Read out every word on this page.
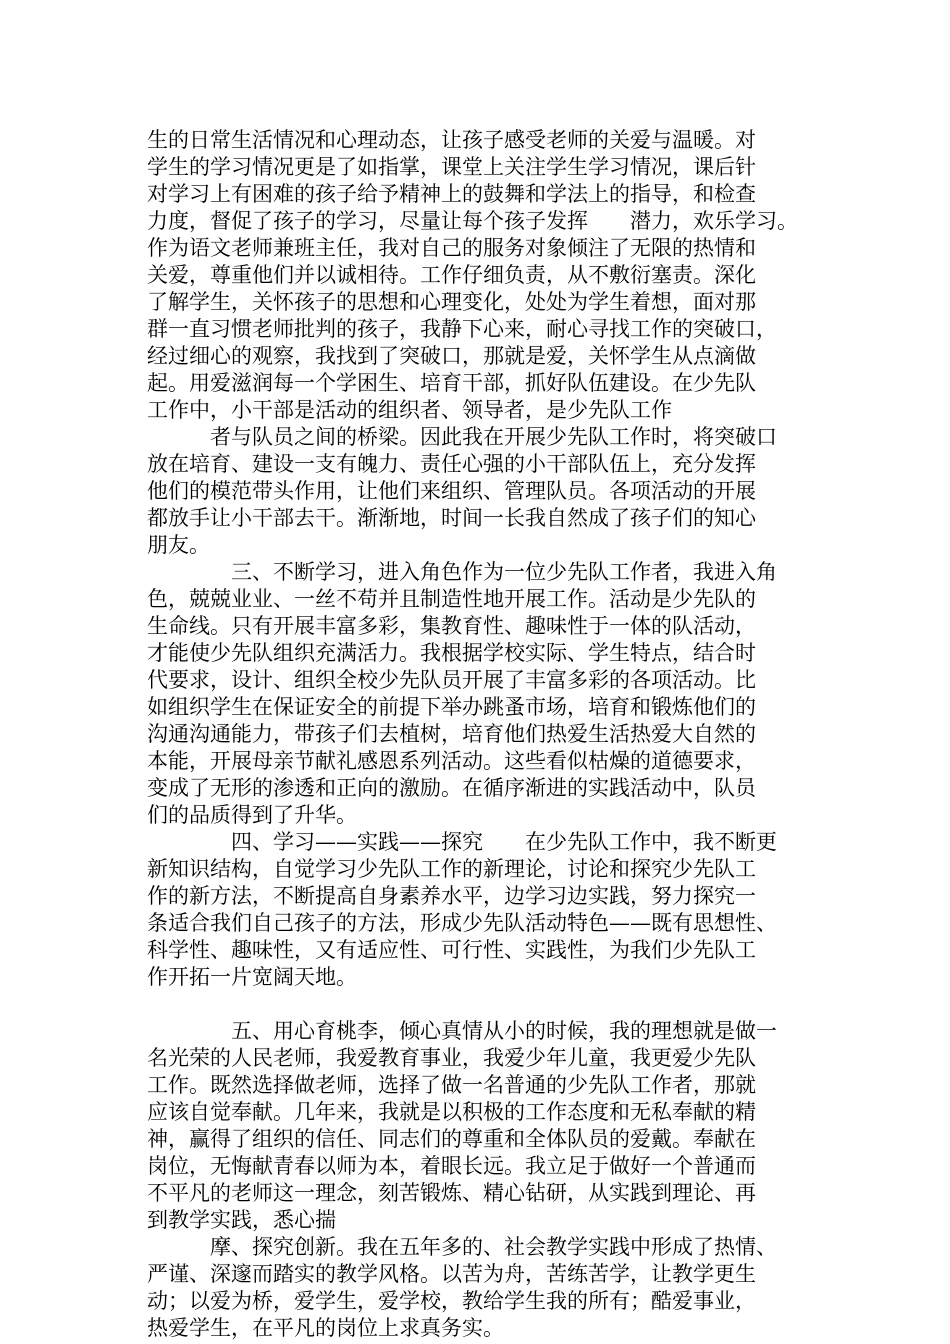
生的日常生活情况和心理动态，让孩子感受老师的关爱与温暖。对
学生的学习情况更是了如指掌，课堂上关注学生学习情况，课后针
对学习上有困难的孩子给予精神上的鼓舞和学法上的指导，和检查
力度，督促了孩子的学习，尽量让每个孩子发挥　　潜力，欢乐学习。
作为语文老师兼班主任，我对自己的服务对象倾注了无限的热情和
关爱，尊重他们并以诚相待。工作仔细负责，从不敷衍塞责。深化
了解学生，关怀孩子的思想和心理变化，处处为学生着想，面对那
群一直习惯老师批判的孩子，我静下心来，耐心寻找工作的突破口，
经过细心的观察，我找到了突破口，那就是爱，关怀学生从点滴做
起。用爱滋润每一个学困生、培育干部，抓好队伍建设。在少先队
工作中，小干部是活动的组织者、领导者，是少先队工作
　　　者与队员之间的桥梁。因此我在开展少先队工作时，将突破口
放在培育、建设一支有魄力、责任心强的小干部队伍上，充分发挥
他们的模范带头作用，让他们来组织、管理队员。各项活动的开展
都放手让小干部去干。渐渐地，时间一长我自然成了孩子们的知心
朋友。
　　　　三、不断学习，进入角色作为一位少先队工作者，我进入角
色，兢兢业业、一丝不苟并且制造性地开展工作。活动是少先队的
生命线。只有开展丰富多彩，集教育性、趣味性于一体的队活动，
才能使少先队组织充满活力。我根据学校实际、学生特点，结合时
代要求，设计、组织全校少先队员开展了丰富多彩的各项活动。比
如组织学生在保证安全的前提下举办跳蚤市场，培育和锻炼他们的
沟通沟通能力，带孩子们去植树，培育他们热爱生活热爱大自然的
本能，开展母亲节献礼感恩系列活动。这些看似枯燥的道德要求，
变成了无形的渗透和正向的激励。在循序渐进的实践活动中，队员
们的品质得到了升华。
　　　　四、学习——实践——探究　　在少先队工作中，我不断更
新知识结构，自觉学习少先队工作的新理论，讨论和探究少先队工
作的新方法，不断提高自身素养水平，边学习边实践，努力探究一
条适合我们自己孩子的方法，形成少先队活动特色——既有思想性、
科学性、趣味性，又有适应性、可行性、实践性，为我们少先队工
作开拓一片宽阔天地。
　　　　五、用心育桃李，倾心真情从小的时候，我的理想就是做一
名光荣的人民老师，我爱教育事业，我爱少年儿童，我更爱少先队
工作。既然选择做老师，选择了做一名普通的少先队工作者，那就
应该自觉奉献。几年来，我就是以积极的工作态度和无私奉献的精
神，赢得了组织的信任、同志们的尊重和全体队员的爱戴。奉献在
岗位，无悔献青春以师为本，着眼长远。我立足于做好一个普通而
不平凡的老师这一理念，刻苦锻炼、精心钻研，从实践到理论、再
到教学实践，悉心揣
　　　摩、探究创新。我在五年多的、社会教学实践中形成了热情、
严谨、深邃而踏实的教学风格。以苦为舟，苦练苦学，让教学更生
动；以爱为桥，爱学生，爱学校，教给学生我的所有；酷爱事业，
热爱学生，在平凡的岗位上求真务实。
